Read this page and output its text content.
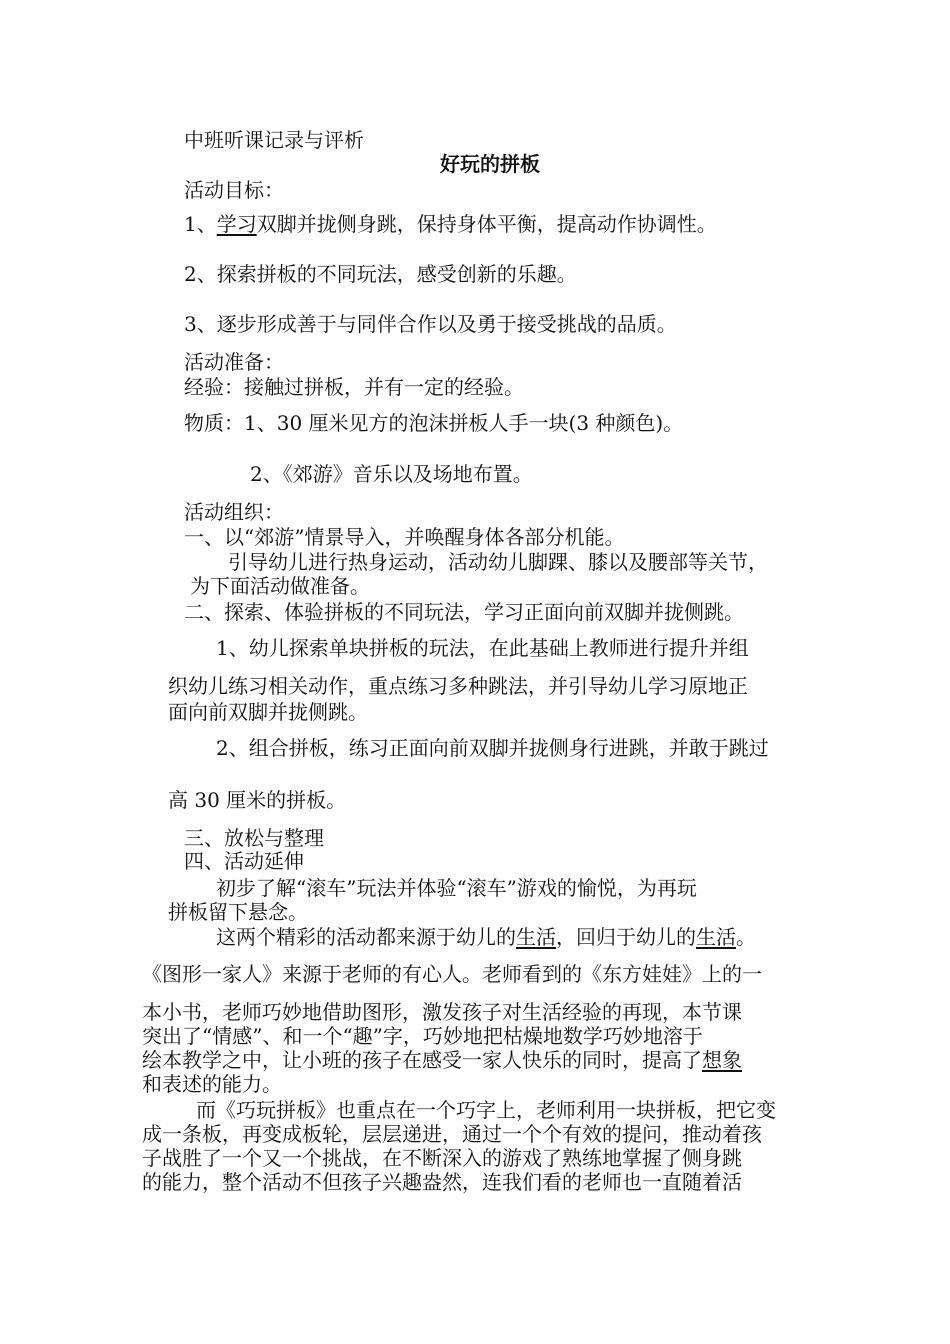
中班听课记录与评析
好玩的拼板
活动目标：
1、学习双脚并拢侧身跳，保持身体平衡，提高动作协调性。
2、探索拼板的不同玩法，感受创新的乐趣。
3、逐步形成善于与同伴合作以及勇于接受挑战的品质。
活动准备：
经验：接触过拼板，并有一定的经验。
物质：1、30 厘米见方的泡沫拼板人手一块(3 种颜色)。
2、《郊游》音乐以及场地布置。
活动组织：
一、以“郊游”情景导入，并唤醒身体各部分机能。
引导幼儿进行热身运动，活动幼儿脚踝、膝以及腰部等关节，
为下面活动做准备。
二、探索、体验拼板的不同玩法，学习正面向前双脚并拢侧跳。
1、幼儿探索单块拼板的玩法，在此基础上教师进行提升并组
织幼儿练习相关动作，重点练习多种跳法，并引导幼儿学习原地正
面向前双脚并拢侧跳。
2、组合拼板，练习正面向前双脚并拢侧身行进跳，并敢于跳过
高 30 厘米的拼板。
三、放松与整理
四、活动延伸
初步了解“滚车”玩法并体验“滚车”游戏的愉悦，为再玩
拼板留下悬念。
这两个精彩的活动都来源于幼儿的生活，回归于幼儿的生活。
《图形一家人》来源于老师的有心人。老师看到的《东方娃娃》上的一
本小书，老师巧妙地借助图形，激发孩子对生活经验的再现，本节课
突出了“情感”、和一个“趣”字，巧妙地把枯燥地数学巧妙地溶于
绘本教学之中，让小班的孩子在感受一家人快乐的同时，提高了想象
和表述的能力。
而《巧玩拼板》也重点在一个巧字上，老师利用一块拼板，把它变
成一条板，再变成板轮，层层递进，通过一个个有效的提问，推动着孩
子战胜了一个又一个挑战，在不断深入的游戏了熟练地掌握了侧身跳
的能力，整个活动不但孩子兴趣盎然，连我们看的老师也一直随着活
